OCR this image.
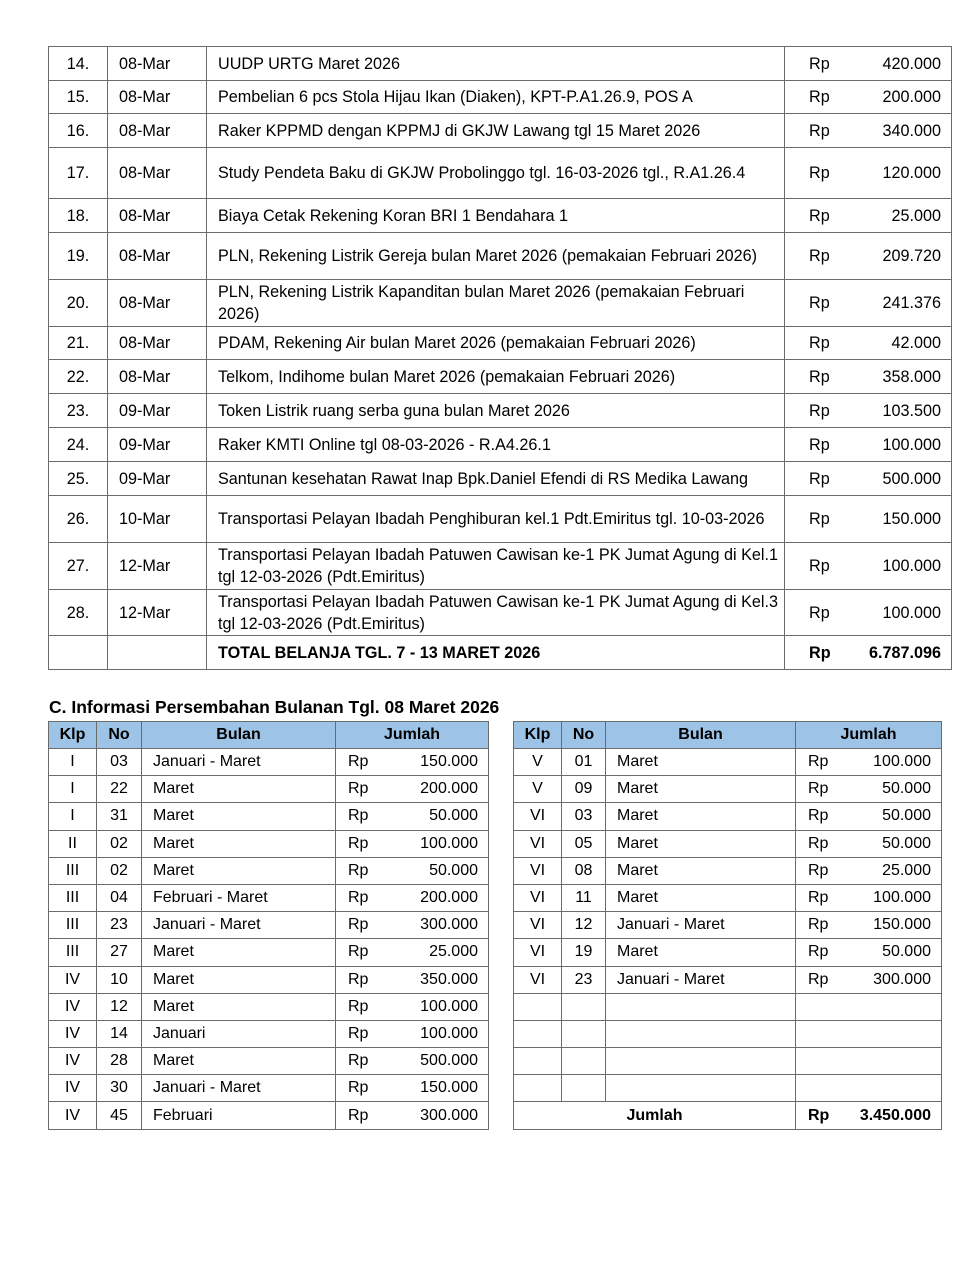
14.	08-Mar	UUDP URTG Maret 2026	Rp 420.000

15.	08-Mar	Pembelian 6 pcs Stola Hijau Ikan (Diaken), KPT-P.A1.26.9, POS A	Rp 200.000

16.	08-Mar	Raker KPPMD dengan KPPMJ di GKJW Lawang tgl 15 Maret 2026	Rp 340.000

17.	08-Mar	Study Pendeta Baku di GKJW Probolinggo tgl. 16-03-2026 tgl., R.A1.26.4	Rp 120.000

18.	08-Mar	Biaya Cetak Rekening Koran BRI 1 Bendahara 1	Rp 25.000

19.	08-Mar	PLN, Rekening Listrik Gereja bulan Maret 2026 (pemakaian Februari 2026)	Rp 209.720

20.	08-Mar	PLN, Rekening Listrik Kapanditan bulan Maret 2026 (pemakaian Februari 2026)	Rp 241.376

21.	08-Mar	PDAM, Rekening Air bulan Maret 2026 (pemakaian Februari 2026)	Rp 42.000

22.	08-Mar	Telkom, Indihome bulan Maret 2026 (pemakaian Februari 2026)	Rp 358.000

23.	09-Mar	Token Listrik ruang serba guna bulan Maret 2026	Rp 103.500

24.	09-Mar	Raker KMTI Online tgl 08-03-2026 - R.A4.26.1	Rp 100.000

25.	09-Mar	Santunan kesehatan Rawat Inap Bpk.Daniel Efendi di RS Medika Lawang	Rp 500.000

26.	10-Mar	Transportasi Pelayan Ibadah Penghiburan kel.1 Pdt.Emiritus tgl. 10-03-2026	Rp 150.000

27.	12-Mar	Transportasi Pelayan Ibadah Patuwen Cawisan ke-1 PK Jumat Agung di Kel.1 tgl 12-03-2026 (Pdt.Emiritus)	Rp 100.000

28.	12-Mar	Transportasi Pelayan Ibadah Patuwen Cawisan ke-1 PK Jumat Agung di Kel.3 tgl 12-03-2026 (Pdt.Emiritus)	Rp 100.000

		TOTAL BELANJA TGL. 7 - 13 MARET 2026	Rp 6.787.096
C. Informasi Persembahan Bulanan Tgl. 08 Maret 2026
Klp	No	Bulan	Jumlah
I	03	Januari - Maret	Rp 150.000

I	22	Maret	Rp 200.000

I	31	Maret	Rp 50.000

II	02	Maret	Rp 100.000

III	02	Maret	Rp 50.000

III	04	Februari - Maret	Rp 200.000

III	23	Januari - Maret	Rp 300.000

III	27	Maret	Rp 25.000

IV	10	Maret	Rp 350.000

IV	12	Maret	Rp 100.000

IV	14	Januari	Rp 100.000

IV	28	Maret	Rp 500.000

IV	30	Januari - Maret	Rp 150.000

IV	45	Februari	Rp 300.000
Klp	No	Bulan	Jumlah
V	01	Maret	Rp 100.000

V	09	Maret	Rp 50.000

VI	03	Maret	Rp 50.000

VI	05	Maret	Rp 50.000

VI	08	Maret	Rp 25.000

VI	11	Maret	Rp 100.000

VI	12	Januari - Maret	Rp 150.000

VI	19	Maret	Rp 50.000

VI	23	Januari - Maret	Rp 300.000

Jumlah			Rp 3.450.000
